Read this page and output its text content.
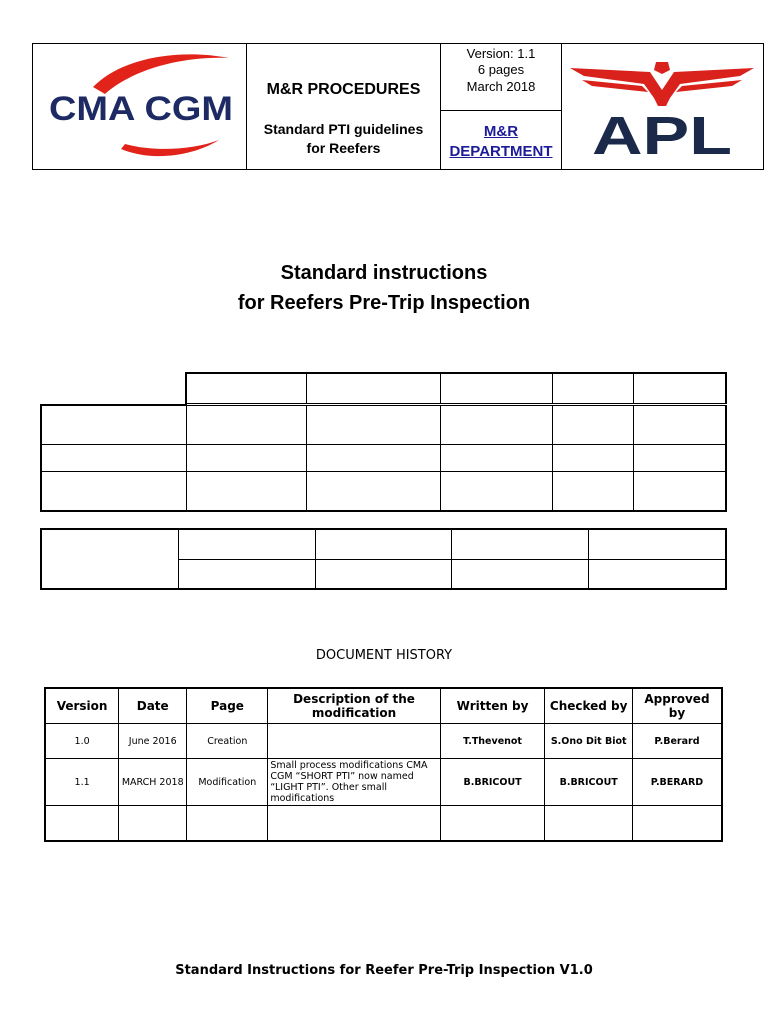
CMA CGM
M&R PROCEDURES
Standard PTI guidelines
for Reefers
Version: 1.1
6 pages
March 2018
M&R
DEPARTMENT APL
Standard instructions
for Reefers Pre-Trip Inspection

DOCUMENT HISTORY
Version	Date	Page	Description of the modification	Written by	Checked by	Approved by
1.0	June 2016	Creation		T.Thevenot	S.Ono Dit Biot	P.Berard
1.1	MARCH 2018	Modification	Small process modifications CMA CGM “SHORT PTI” now named “LIGHT PTI”. Other small modifications	B.BRICOUT	B.BRICOUT	P.BERARD

Standard Instructions for Reefer Pre-Trip Inspection V1.0
